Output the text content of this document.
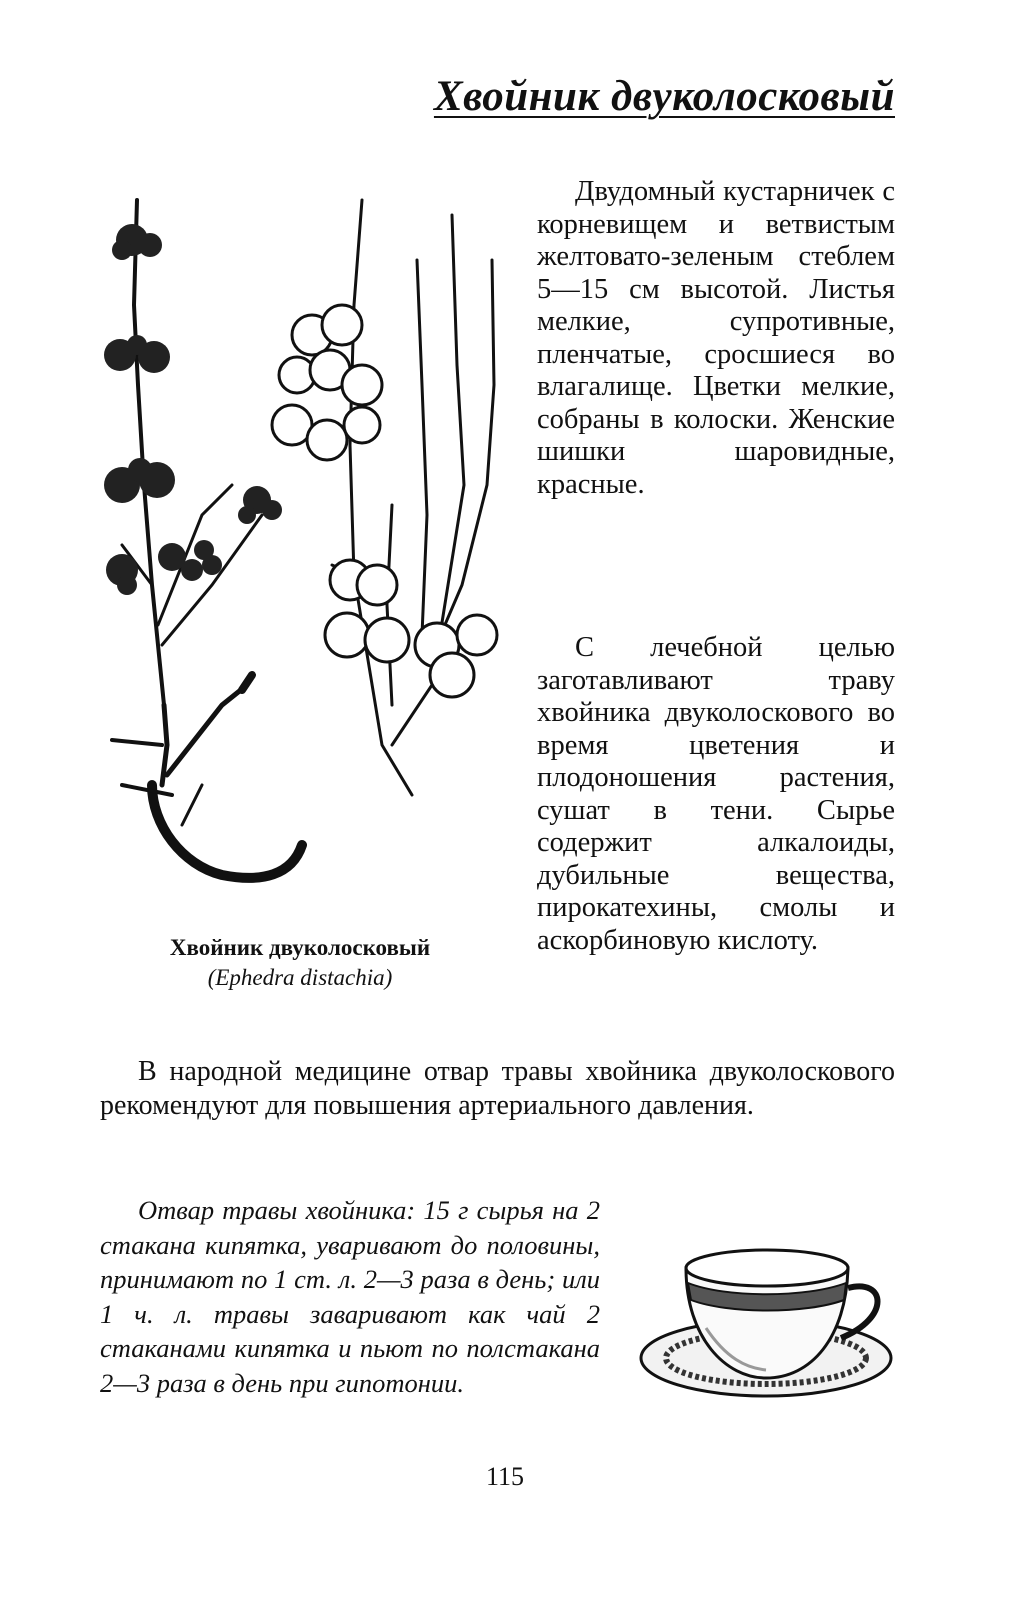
Хвойник двуколосковый
Хвойник двуколосковый
(Ephedra distachia)
Двудомный кустарничек с корневищем и ветвистым желтовато-зеленым стеблем 5—15 см высотой. Листья мелкие, супротивные, пленчатые, сросшиеся во влагалище. Цветки мелкие, собраны в колоски. Женские шишки шаровидные, красные.
С лечебной целью заготавливают траву хвойника двуколоскового во время цветения и плодоношения растения, сушат в тени. Сырье содержит алкалоиды, дубильные вещества, пирокатехины, смолы и аскорбиновую кислоту.
В народной медицине отвар травы хвойника двуколоскового рекомендуют для повышения артериального давления.
Отвар травы хвойника: 15 г сырья на 2 стакана кипятка, уваривают до половины, принимают по 1 ст. л. 2—3 раза в день; или 1 ч. л. травы заваривают как чай 2 стаканами кипятка и пьют по полстакана 2—3 раза в день при гипотонии.
115
